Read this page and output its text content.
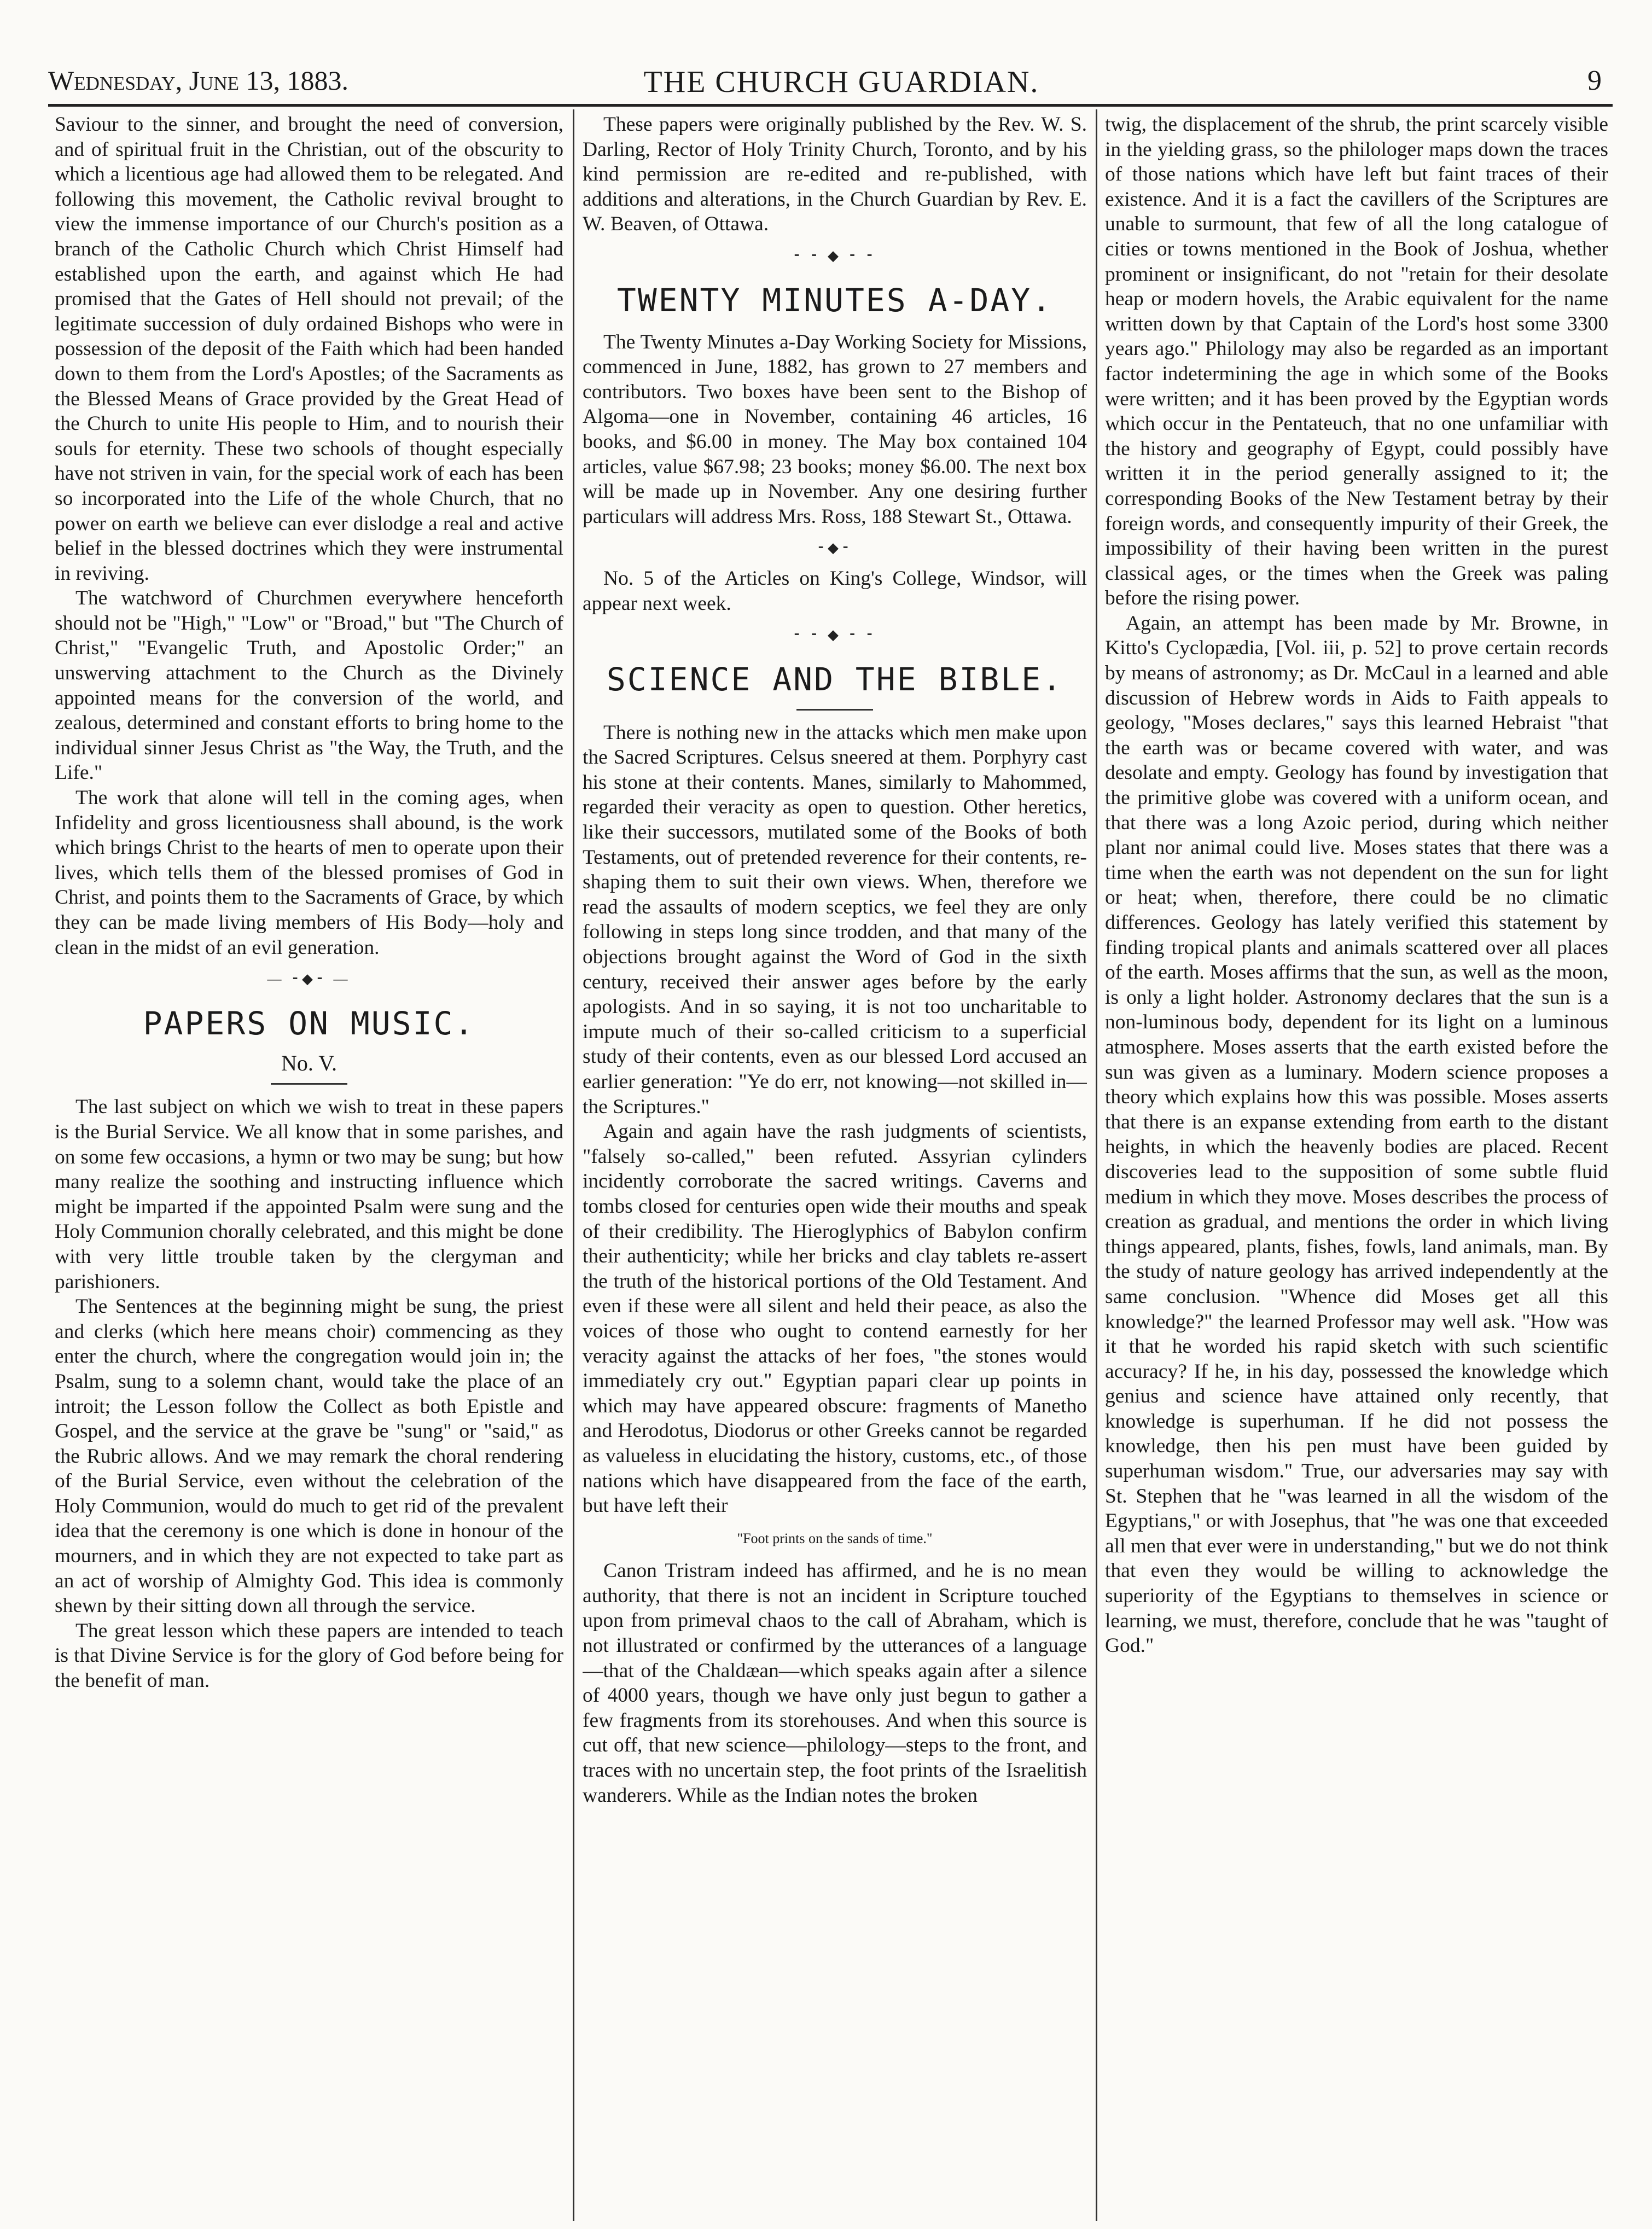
Wednesday, June 13, 1883.	THE CHURCH GUARDIAN.	9

Saviour to the sinner, and brought the need of conversion, and of spiritual fruit in the Christian, out of the obscurity to which a licentious age had allowed them to be relegated. And following this movement, the Catholic revival brought to view the immense importance of our Church's position as a branch of the Catholic Church which Christ Himself had established upon the earth, and against which He had promised that the Gates of Hell should not prevail; of the legitimate succession of duly ordained Bishops who were in possession of the deposit of the Faith which had been handed down to them from the Lord's Apostles; of the Sacraments as the Blessed Means of Grace provided by the Great Head of the Church to unite His people to Him, and to nourish their souls for eternity. These two schools of thought especially have not striven in vain, for the special work of each has been so incorporated into the Life of the whole Church, that no power on earth we believe can ever dislodge a real and active belief in the blessed doctrines which they were instrumental in reviving.

The watchword of Churchmen everywhere henceforth should not be "High," "Low" or "Broad," but "The Church of Christ," "Evangelic Truth, and Apostolic Order;" an unswerving attachment to the Church as the Divinely appointed means for the conversion of the world, and zealous, determined and constant efforts to bring home to the individual sinner Jesus Christ as "the Way, the Truth, and the Life."

The work that alone will tell in the coming ages, when Infidelity and gross licentiousness shall abound, is the work which brings Christ to the hearts of men to operate upon their lives, which tells them of the blessed promises of God in Christ, and points them to the Sacraments of Grace, by which they can be made living members of His Body—holy and clean in the midst of an evil generation.

— ⁃◆⁃ —
PAPERS ON MUSIC.
No. V.

The last subject on which we wish to treat in these papers is the Burial Service. We all know that in some parishes, and on some few occasions, a hymn or two may be sung; but how many realize the soothing and instructing influence which might be imparted if the appointed Psalm were sung and the Holy Communion chorally celebrated, and this might be done with very little trouble taken by the clergyman and parishioners.

The Sentences at the beginning might be sung, the priest and clerks (which here means choir) commencing as they enter the church, where the congregation would join in; the Psalm, sung to a solemn chant, would take the place of an introit; the Lesson follow the Collect as both Epistle and Gospel, and the service at the grave be "sung" or "said," as the Rubric allows. And we may remark the choral rendering of the Burial Service, even without the celebration of the Holy Communion, would do much to get rid of the prevalent idea that the ceremony is one which is done in honour of the mourners, and in which they are not expected to take part as an act of worship of Almighty God. This idea is commonly shewn by their sitting down all through the service.

The great lesson which these papers are intended to teach is that Divine Service is for the glory of God before being for the benefit of man.

These papers were originally published by the Rev. W. S. Darling, Rector of Holy Trinity Church, Toronto, and by his kind permission are re-edited and re-published, with additions and alterations, in the Church Guardian by Rev. E. W. Beaven, of Ottawa.

⁃ ⁃ ◆ ⁃ ⁃
TWENTY MINUTES A-DAY.

The Twenty Minutes a-Day Working Society for Missions, commenced in June, 1882, has grown to 27 members and contributors. Two boxes have been sent to the Bishop of Algoma—one in November, containing 46 articles, 16 books, and $6.00 in money. The May box contained 104 articles, value $67.98; 23 books; money $6.00. The next box will be made up in November. Any one desiring further particulars will address Mrs. Ross, 188 Stewart St., Ottawa.

⁃◆⁃

No. 5 of the Articles on King's College, Windsor, will appear next week.

⁃ ⁃ ◆ ⁃ ⁃
SCIENCE AND THE BIBLE.

There is nothing new in the attacks which men make upon the Sacred Scriptures. Celsus sneered at them. Porphyry cast his stone at their contents. Manes, similarly to Mahommed, regarded their veracity as open to question. Other heretics, like their successors, mutilated some of the Books of both Testaments, out of pretended reverence for their contents, re-shaping them to suit their own views. When, therefore we read the assaults of modern sceptics, we feel they are only following in steps long since trodden, and that many of the objections brought against the Word of God in the sixth century, received their answer ages before by the early apologists. And in so saying, it is not too uncharitable to impute much of their so-called criticism to a superficial study of their contents, even as our blessed Lord accused an earlier generation: "Ye do err, not knowing—not skilled in—the Scriptures."

Again and again have the rash judgments of scientists, "falsely so-called," been refuted. Assyrian cylinders incidently corroborate the sacred writings. Caverns and tombs closed for centuries open wide their mouths and speak of their credibility. The Hieroglyphics of Babylon confirm their authenticity; while her bricks and clay tablets re-assert the truth of the historical portions of the Old Testament. And even if these were all silent and held their peace, as also the voices of those who ought to contend earnestly for her veracity against the attacks of her foes, "the stones would immediately cry out." Egyptian papari clear up points in which may have appeared obscure: fragments of Manetho and Herodotus, Diodorus or other Greeks cannot be regarded as valueless in elucidating the history, customs, etc., of those nations which have disappeared from the face of the earth, but have left their

"Foot prints on the sands of time."

Canon Tristram indeed has affirmed, and he is no mean authority, that there is not an incident in Scripture touched upon from primeval chaos to the call of Abraham, which is not illustrated or confirmed by the utterances of a language—that of the Chaldæan—which speaks again after a silence of 4000 years, though we have only just begun to gather a few fragments from its storehouses. And when this source is cut off, that new science—philology—steps to the front, and traces with no uncertain step, the foot prints of the Israelitish wanderers. While as the Indian notes the broken

twig, the displacement of the shrub, the print scarcely visible in the yielding grass, so the philologer maps down the traces of those nations which have left but faint traces of their existence. And it is a fact the cavillers of the Scriptures are unable to surmount, that few of all the long catalogue of cities or towns mentioned in the Book of Joshua, whether prominent or insignificant, do not "retain for their desolate heap or modern hovels, the Arabic equivalent for the name written down by that Captain of the Lord's host some 3300 years ago." Philology may also be regarded as an important factor indetermining the age in which some of the Books were written; and it has been proved by the Egyptian words which occur in the Pentateuch, that no one unfamiliar with the history and geography of Egypt, could possibly have written it in the period generally assigned to it; the corresponding Books of the New Testament betray by their foreign words, and consequently impurity of their Greek, the impossibility of their having been written in the purest classical ages, or the times when the Greek was paling before the rising power.

Again, an attempt has been made by Mr. Browne, in Kitto's Cyclopædia, [Vol. iii, p. 52] to prove certain records by means of astronomy; as Dr. McCaul in a learned and able discussion of Hebrew words in Aids to Faith appeals to geology, "Moses declares," says this learned Hebraist "that the earth was or became covered with water, and was desolate and empty. Geology has found by investigation that the primitive globe was covered with a uniform ocean, and that there was a long Azoic period, during which neither plant nor animal could live. Moses states that there was a time when the earth was not dependent on the sun for light or heat; when, therefore, there could be no climatic differences. Geology has lately verified this statement by finding tropical plants and animals scattered over all places of the earth. Moses affirms that the sun, as well as the moon, is only a light holder. Astronomy declares that the sun is a non-luminous body, dependent for its light on a luminous atmosphere. Moses asserts that the earth existed before the sun was given as a luminary. Modern science proposes a theory which explains how this was possible. Moses asserts that there is an expanse extending from earth to the distant heights, in which the heavenly bodies are placed. Recent discoveries lead to the supposition of some subtle fluid medium in which they move. Moses describes the process of creation as gradual, and mentions the order in which living things appeared, plants, fishes, fowls, land animals, man. By the study of nature geology has arrived independently at the same conclusion. "Whence did Moses get all this knowledge?" the learned Professor may well ask. "How was it that he worded his rapid sketch with such scientific accuracy? If he, in his day, possessed the knowledge which genius and science have attained only recently, that knowledge is superhuman. If he did not possess the knowledge, then his pen must have been guided by superhuman wisdom." True, our adversaries may say with St. Stephen that he "was learned in all the wisdom of the Egyptians," or with Josephus, that "he was one that exceeded all men that ever were in understanding," but we do not think that even they would be willing to acknowledge the superiority of the Egyptians to themselves in science or learning, we must, therefore, conclude that he was "taught of God."
